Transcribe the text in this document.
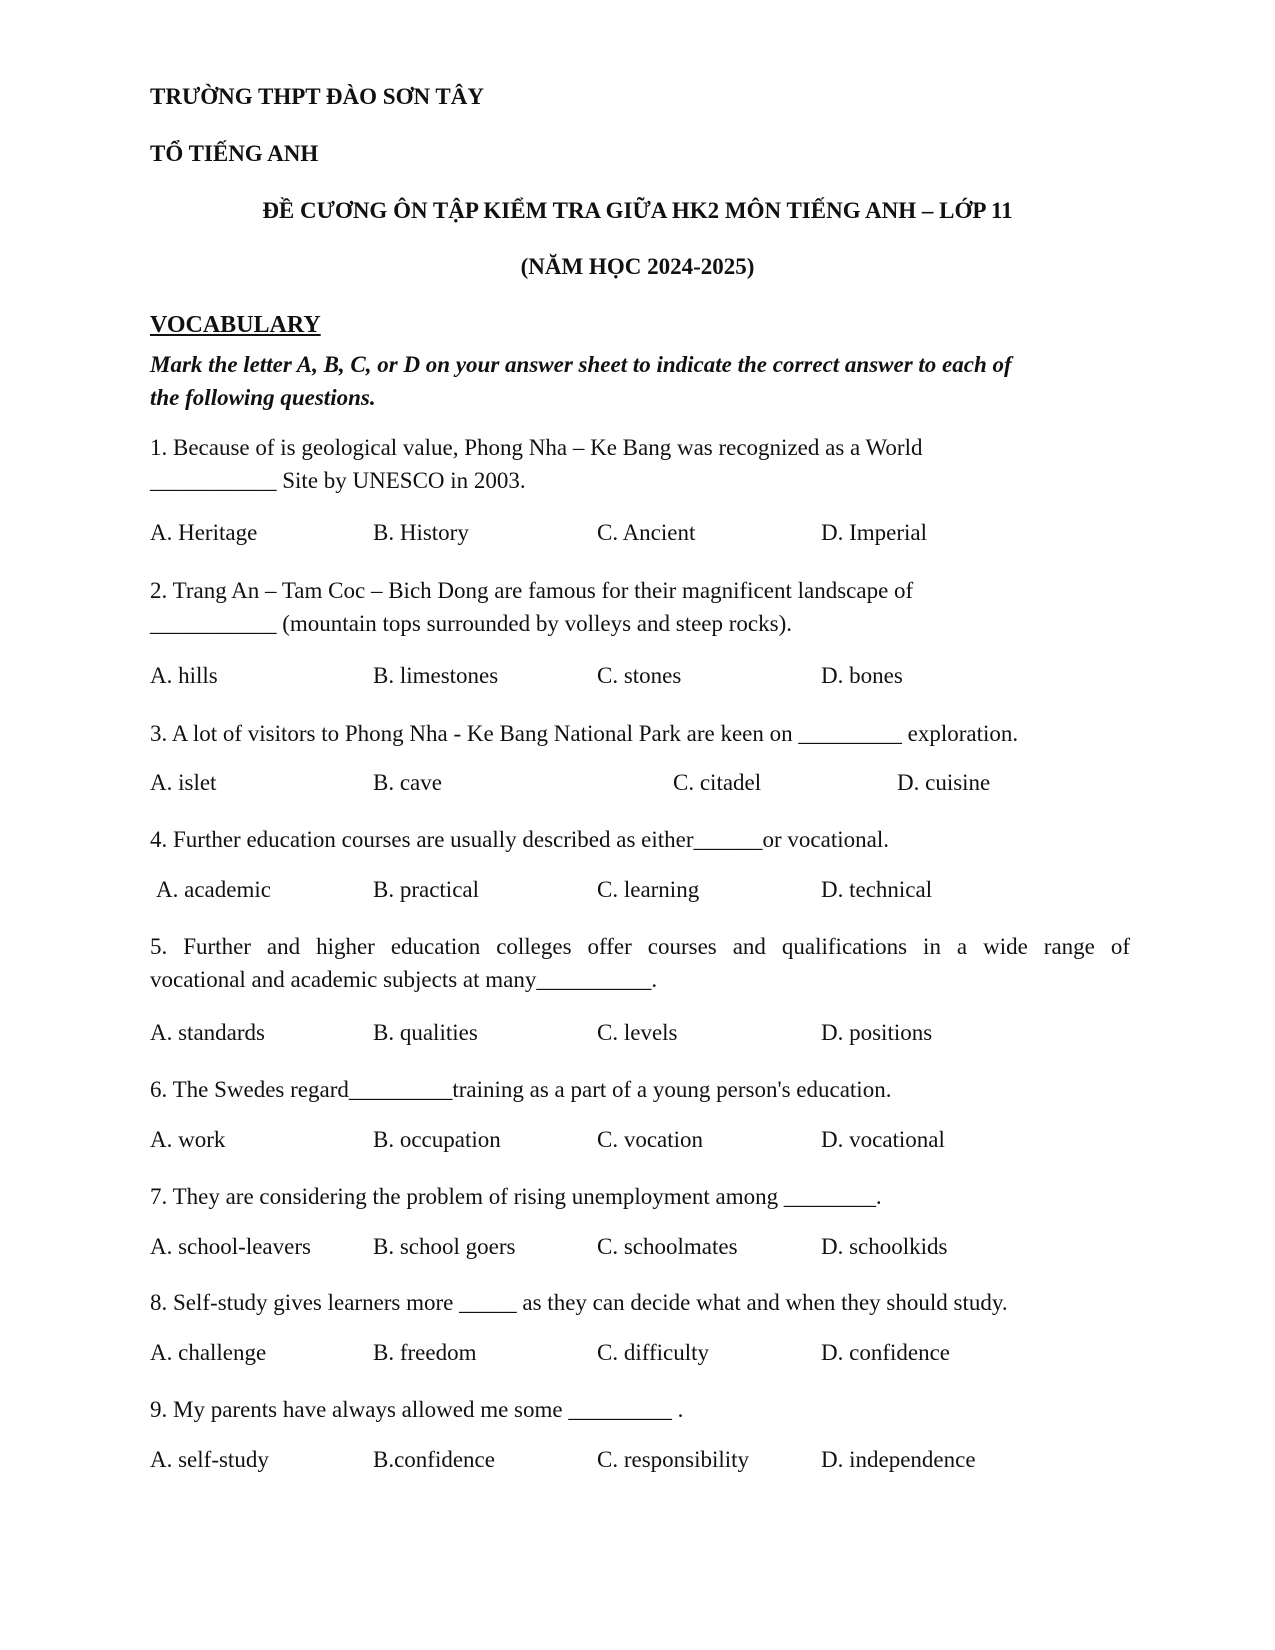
TRƯỜNG THPT ĐÀO SƠN TÂY
TỔ TIẾNG ANH
ĐỀ CƯƠNG ÔN TẬP KIỂM TRA GIỮA HK2 MÔN TIẾNG ANH – LỚP 11
(NĂM HỌC 2024-2025)
VOCABULARY
Mark the letter A, B, C, or D on your answer sheet to indicate the correct answer to each of
the following questions.
1. Because of is geological value, Phong Nha – Ke Bang was recognized as a World
___________ Site by UNESCO in 2003.
A. Heritage	B. History	C. Ancient	D. Imperial
2. Trang An – Tam Coc – Bich Dong are famous for their magnificent landscape of
___________ (mountain tops surrounded by volleys and steep rocks).
A. hills	B. limestones	C. stones	D. bones
3. A lot of visitors to Phong Nha - Ke Bang National Park are keen on _________ exploration.
A. islet	B. cave	C. citadel	D. cuisine
4. Further education courses are usually described as either______or vocational.
A. academic	B. practical	C. learning	D. technical
5. Further and higher education colleges offer courses and qualifications in a wide range of
vocational and academic subjects at many__________.
A. standards	B. qualities	C. levels	D. positions
6. The Swedes regard_________training as a part of a young person's education.
A. work	B. occupation	C. vocation	D. vocational
7. They are considering the problem of rising unemployment among ________.
A. school-leavers	B. school goers	C. schoolmates	D. schoolkids
8. Self-study gives learners more _____ as they can decide what and when they should study.
A. challenge	B. freedom	C. difficulty	D. confidence
9. My parents have always allowed me some _________ .
A. self-study	B.confidence	C. responsibility	D. independence
